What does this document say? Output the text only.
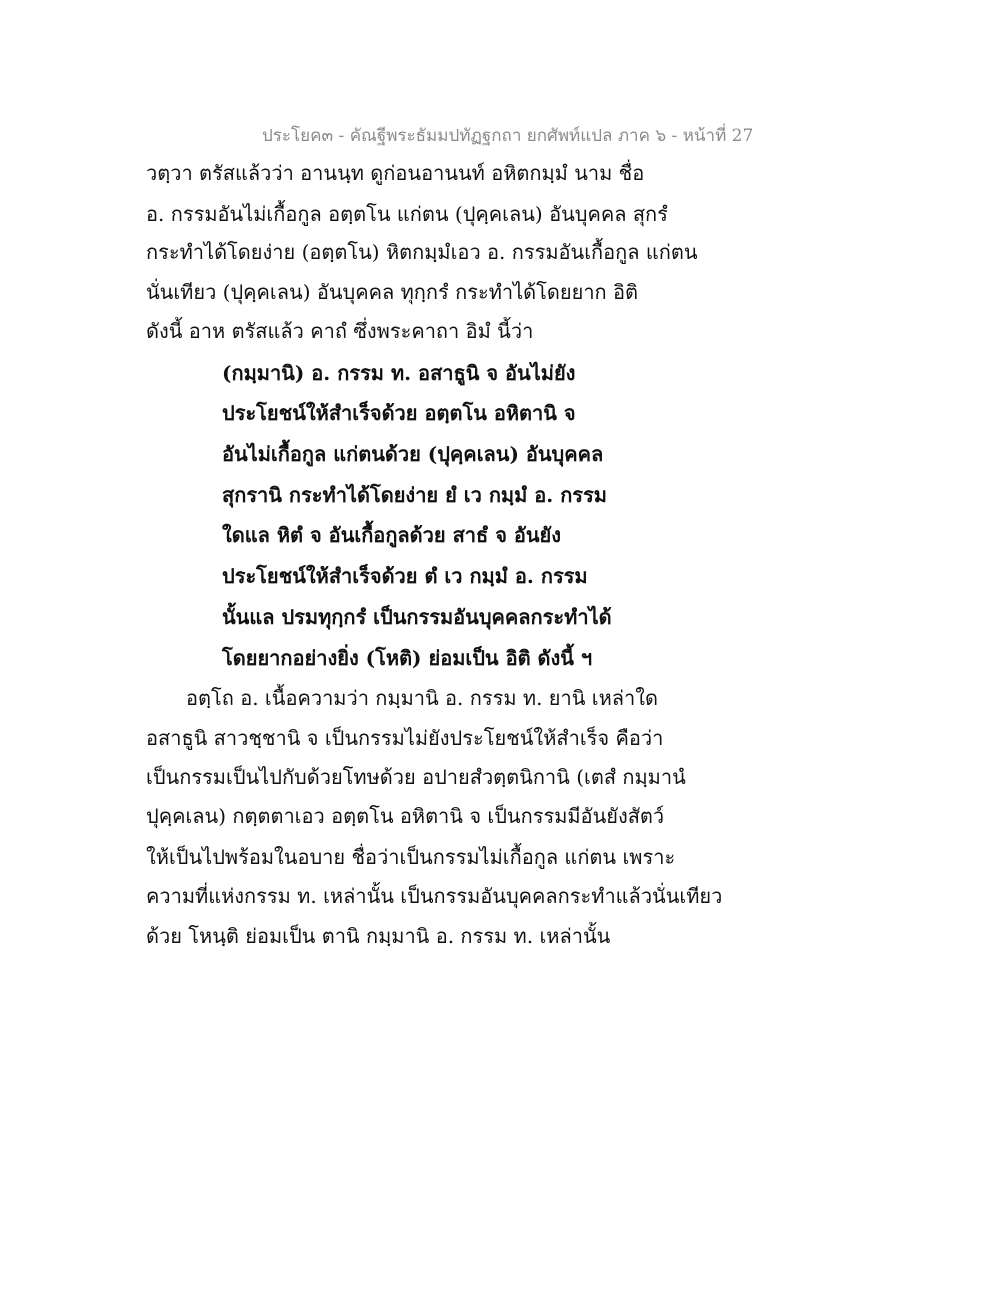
ประโยค๓ - คัณฐีพระธัมมปทัฏฐกถา ยกศัพท์แปล ภาค ๖ - หน้าที่ 27
วตฺวา ตรัสแล้วว่า อานนฺท ดูก่อนอานนท์ อหิตกมฺมํ นาม ชื่อ
อ. กรรมอันไม่เกื้อกูล อตฺตโน แก่ตน (ปุคฺคเลน) อันบุคคล สุกรํ
กระทำได้โดยง่าย (อตฺตโน) หิตกมฺมํเอว อ. กรรมอันเกื้อกูล แก่ตน
นั่นเทียว (ปุคฺคเลน) อันบุคคล ทุกฺกรํ กระทำได้โดยยาก อิติ
ดังนี้ อาห ตรัสแล้ว คาถํ ซึ่งพระคาถา อิมํ นี้ว่า
(กมฺมานิ) อ. กรรม ท. อสาธูนิ จ อันไม่ยัง
ประโยชน์ให้สำเร็จด้วย อตฺตโน อหิตานิ จ
อันไม่เกื้อกูล แก่ตนด้วย (ปุคฺคเลน) อันบุคคล
สุกรานิ กระทำได้โดยง่าย ยํ เว กมฺมํ อ. กรรม
ใดแล หิตํ จ อันเกื้อกูลด้วย สาธํ จ อันยัง
ประโยชน์ให้สำเร็จด้วย ตํ เว กมฺมํ อ. กรรม
นั้นแล ปรมทุกฺกรํ เป็นกรรมอันบุคคลกระทำได้
โดยยากอย่างยิ่ง (โหติ) ย่อมเป็น อิติ ดังนี้ ฯ
อตฺโถ อ. เนื้อความว่า กมฺมานิ อ. กรรม ท. ยานิ เหล่าใด
อสาธูนิ สาวชฺชานิ จ เป็นกรรมไม่ยังประโยชน์ให้สำเร็จ คือว่า
เป็นกรรมเป็นไปกับด้วยโทษด้วย อปายสํวตฺตนิกานิ (เตสํ กมฺมานํ
ปุคฺคเลน) กตฺตตาเอว อตฺตโน อหิตานิ จ เป็นกรรมมีอันยังสัตว์
ให้เป็นไปพร้อมในอบาย ชื่อว่าเป็นกรรมไม่เกื้อกูล แก่ตน เพราะ
ความที่แห่งกรรม ท. เหล่านั้น เป็นกรรมอันบุคคลกระทำแล้วนั่นเทียว
ด้วย โหนฺติ ย่อมเป็น ตานิ กมฺมานิ อ. กรรม ท. เหล่านั้น
